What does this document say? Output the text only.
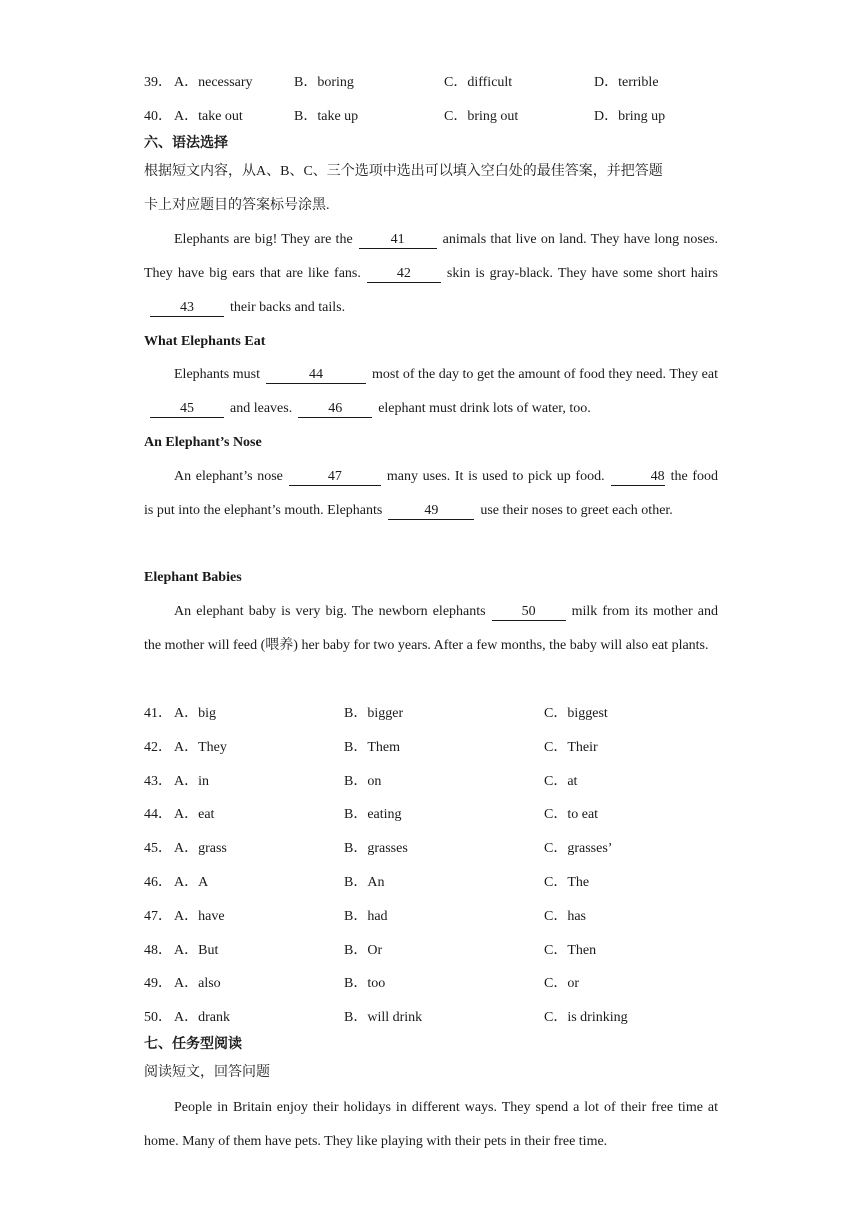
39． A．necessary	B．boring	C．difficult	D．terrible
40． A．take out	B．take up	C．bring out	D．bring up
六、语法选择
根据短文内容，从A、B、C、三个选项中选出可以填入空白处的最佳答案，并把答题
卡上对应题目的答案标号涂黑.
Elephants are big! They are the	41	animals that live on land. They have long noses. They have big ears that are like fans.	42	skin is gray-black. They have some short hairs43	their backs and tails.
What Elephants Eat
Elephants must	44	most of the day to get the amount of food they need. They eat45	and leaves.	46	elephant must drink lots of water, too.
An Elephant’s Nose
An elephant’s nose	47	many uses. It is used to pick up food.	48 the food is put into the elephant’s mouth. Elephants	49	use their noses to greet each other.
Elephant Babies
An elephant baby is very big. The newborn elephants	50	milk from its mother and the mother will feed (喂养) her baby for two years. After a few months, the baby will also eat plants.
41． A．big	B．bigger	C．biggest
42． A．They	B．Them	C．Their
43． A．in	B．on	C．at
44． A．eat	B．eating	C．to eat
45． A．grass	B．grasses	C．grasses’
46． A．A	B．An	C．The
47． A．have	B．had	C．has
48． A．But	B．Or	C．Then
49． A．also	B．too	C．or
50． A．drank	B．will drink	C．is drinking
七、任务型阅读
阅读短文，回答问题
People in Britain enjoy their holidays in different ways. They spend a lot of their free time at home. Many of them have pets. They like playing with their pets in their free time.
